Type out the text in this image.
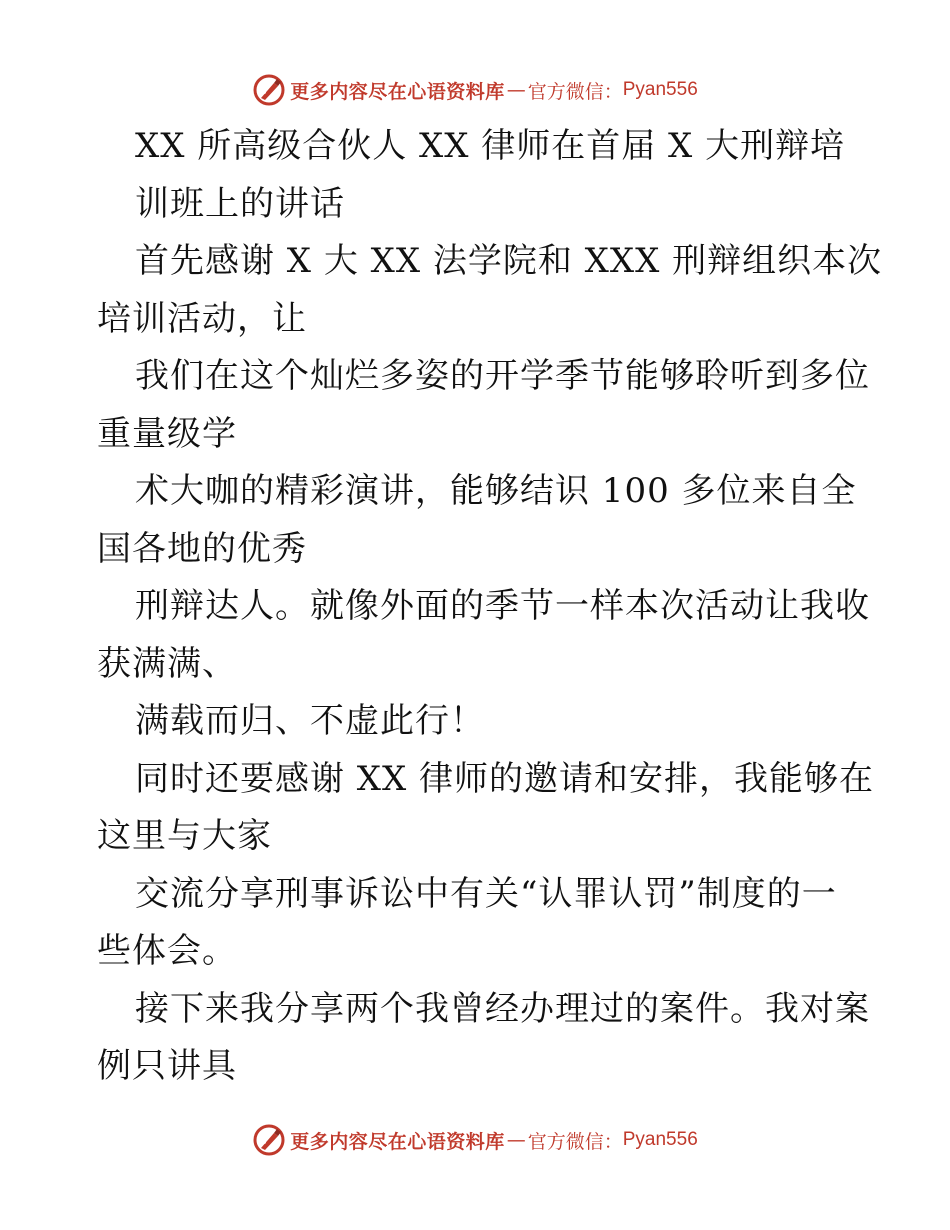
更多内容尽在心语资料库 — 官方微信： Pyan556
XX 所高级合伙人 XX 律师在首届 X 大刑辩培
训班上的讲话
首先感谢 X 大 XX 法学院和 XXX 刑辩组织本次
培训活动，让
我们在这个灿烂多姿的开学季节能够聆听到多位
重量级学
术大咖的精彩演讲，能够结识 100 多位来自全
国各地的优秀
刑辩达人。就像外面的季节一样本次活动让我收
获满满、
满载而归、不虚此行！
同时还要感谢 XX 律师的邀请和安排，我能够在
这里与大家
交流分享刑事诉讼中有关“认罪认罚”制度的一
些体会。
接下来我分享两个我曾经办理过的案件。我对案
例只讲具
更多内容尽在心语资料库 — 官方微信： Pyan556
